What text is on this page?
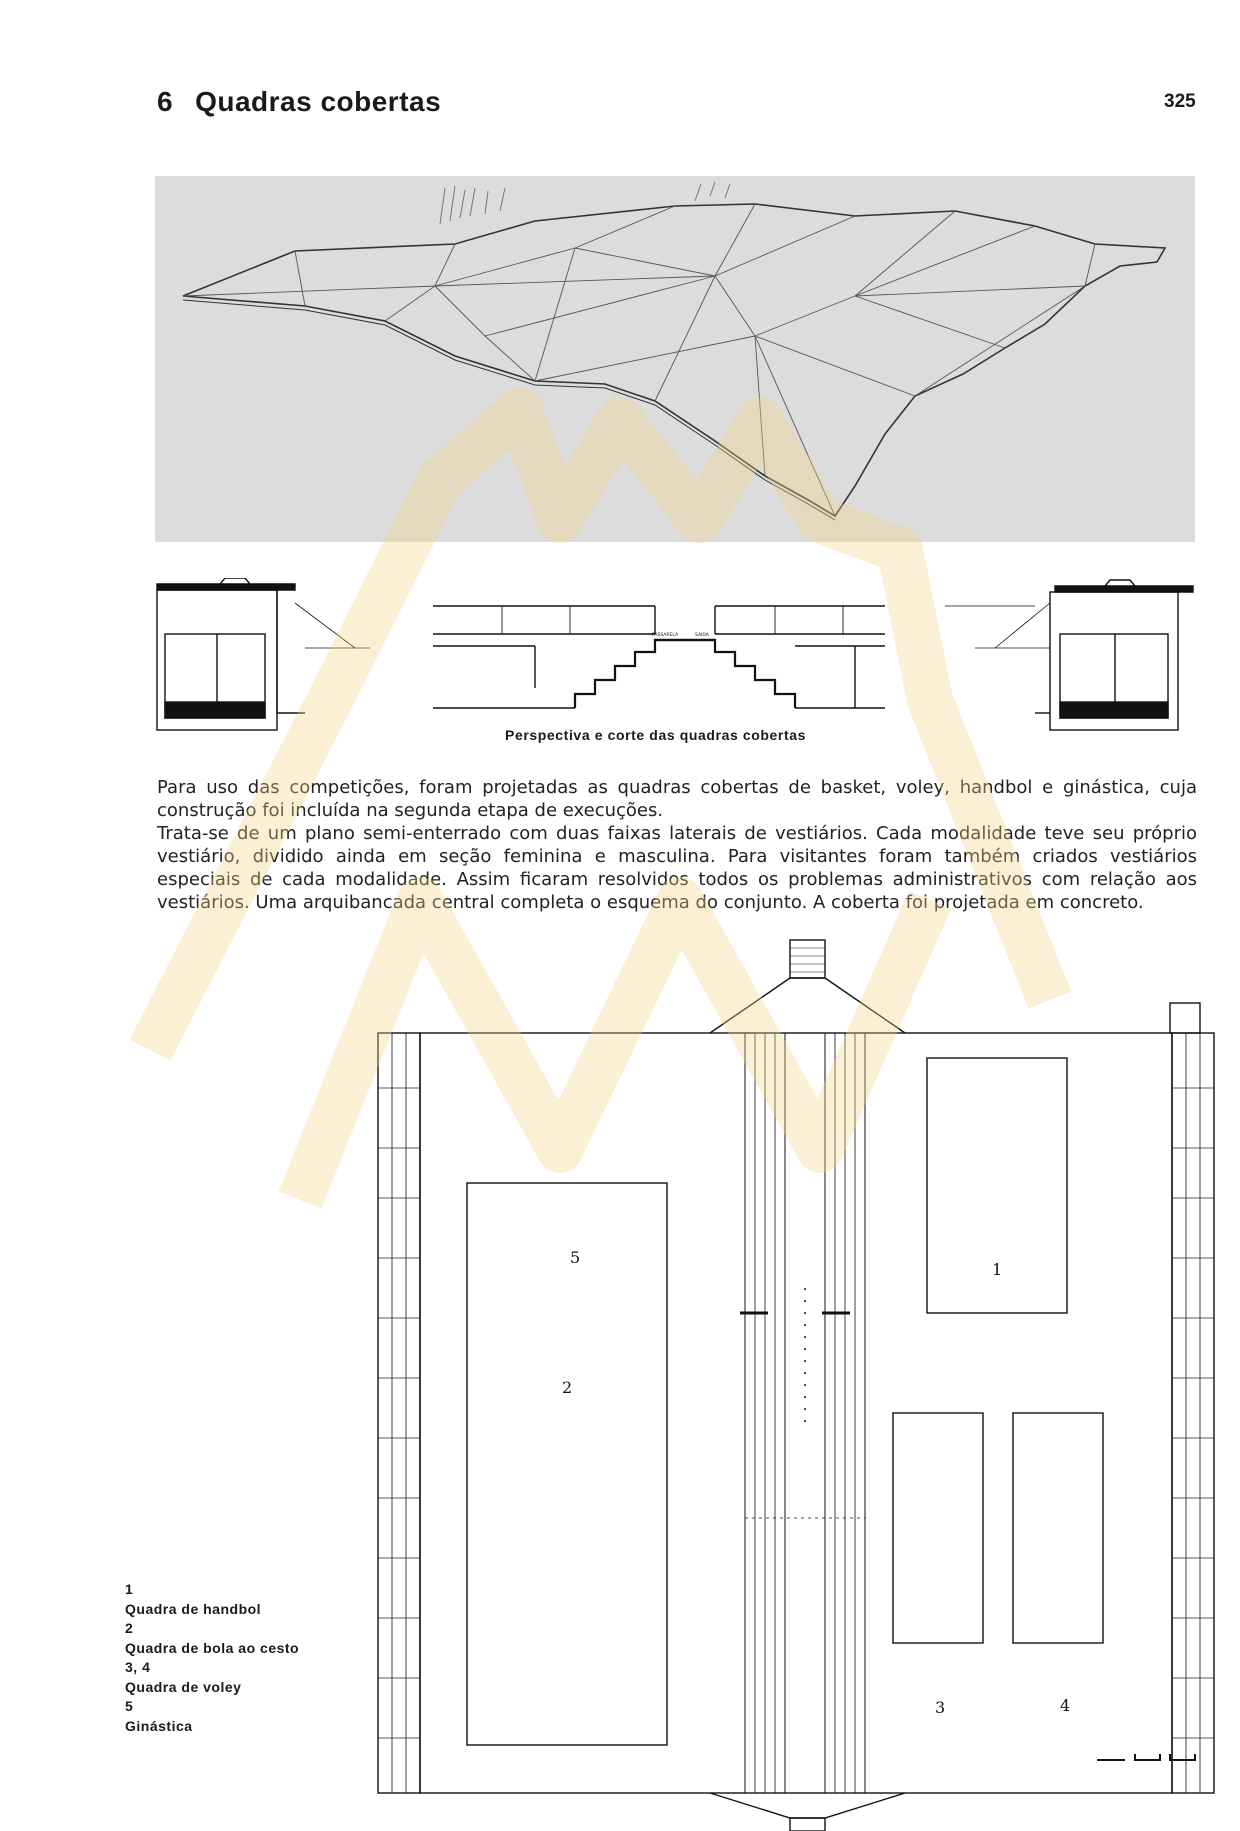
6 Quadras cobertas	325
PASSARELA	SAIDA
Perspectiva e corte das quadras cobertas

Para uso das competições, foram projetadas as quadras cobertas de basket, voley, handbol e ginástica, cuja construção foi incluída na segunda etapa de execuções.

Trata-se de um plano semi-enterrado com duas faixas laterais de vestiários. Cada modalidade teve seu próprio vestiário, dividido ainda em seção feminina e masculina. Para visitantes foram também criados vestiários especiais de cada modalidade. Assim ficaram resolvidos todos os problemas administrativos com relação aos vestiários. Uma arquibancada central completa o esquema do conjunto. A coberta foi projetada em concreto.

1
2
3	4
5
1
Quadra de handbol
2
Quadra de bola ao cesto
3, 4
Quadra de voley
5
Ginástica
